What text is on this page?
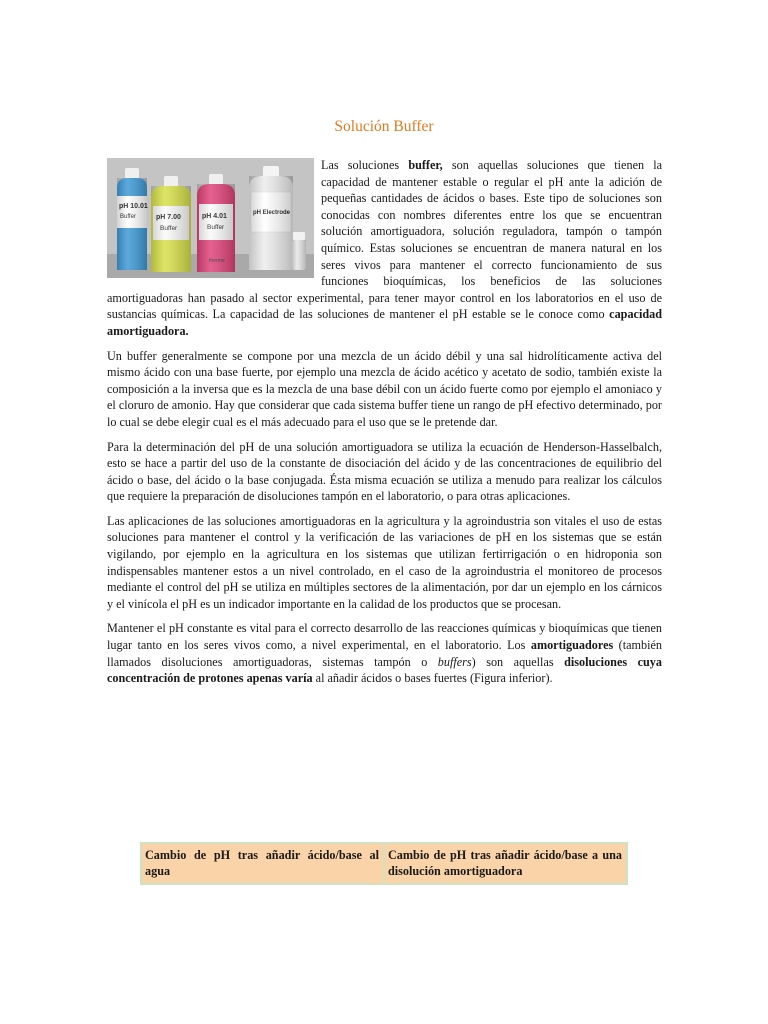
Solución Buffer

Las soluciones buffer, son aquellas soluciones que tienen la capacidad de mantener estable o regular el pH ante la adición de pequeñas cantidades de ácidos o bases. Este tipo de soluciones son conocidas con nombres diferentes entre los que se encuentran solución amortiguadora, solución reguladora, tampón o tampón químico. Estas soluciones se encuentran de manera natural en los seres vivos para mantener el correcto funcionamiento de sus funciones bioquímicas, los beneficios de las soluciones amortiguadoras han pasado al sector experimental, para tener mayor control en los laboratorios en el uso de sustancias químicas. La capacidad de las soluciones de mantener el pH estable se le conoce como capacidad amortiguadora.

Un buffer generalmente se compone por una mezcla de un ácido débil y una sal hidrolíticamente activa del mismo ácido con una base fuerte, por ejemplo una mezcla de ácido acético y acetato de sodio, también existe la composición a la inversa que es la mezcla de una base débil con un ácido fuerte como por ejemplo el amoniaco y el cloruro de amonio. Hay que considerar que cada sistema buffer tiene un rango de pH efectivo determinado, por lo cual se debe elegir cual es el más adecuado para el uso que se le pretende dar.

Para la determinación del pH de una solución amortiguadora se utiliza la ecuación de Henderson-Hasselbalch, esto se hace a partir del uso de la constante de disociación del ácido y de las concentraciones de equilibrio del ácido o base, del ácido o la base conjugada. Ésta misma ecuación se utiliza a menudo para realizar los cálculos que requiere la preparación de disoluciones tampón en el laboratorio, o para otras aplicaciones.

Las aplicaciones de las soluciones amortiguadoras en la agricultura y la agroindustria son vitales el uso de estas soluciones para mantener el control y la verificación de las variaciones de pH en los sistemas que se están vigilando, por ejemplo en la agricultura en los sistemas que utilizan fertirrigación o en hidroponia son indispensables mantener estos a un nivel controlado, en el caso de la agroindustria el monitoreo de procesos mediante el control del pH se utiliza en múltiples sectores de la alimentación, por dar un ejemplo en los cárnicos y el vinícola el pH es un indicador importante en la calidad de los productos que se procesan.

Mantener el pH constante es vital para el correcto desarrollo de las reacciones químicas y bioquímicas que tienen lugar tanto en los seres vivos como, a nivel experimental, en el laboratorio. Los amortiguadores (también llamados disoluciones amortiguadoras, sistemas tampón o buffers) son aquellas disoluciones cuya concentración de protones apenas varía al añadir ácidos o bases fuertes (Figura inferior).

Cambio de pH tras añadir ácido/base al agua	Cambio de pH tras añadir ácido/base a una disolución amortiguadora
